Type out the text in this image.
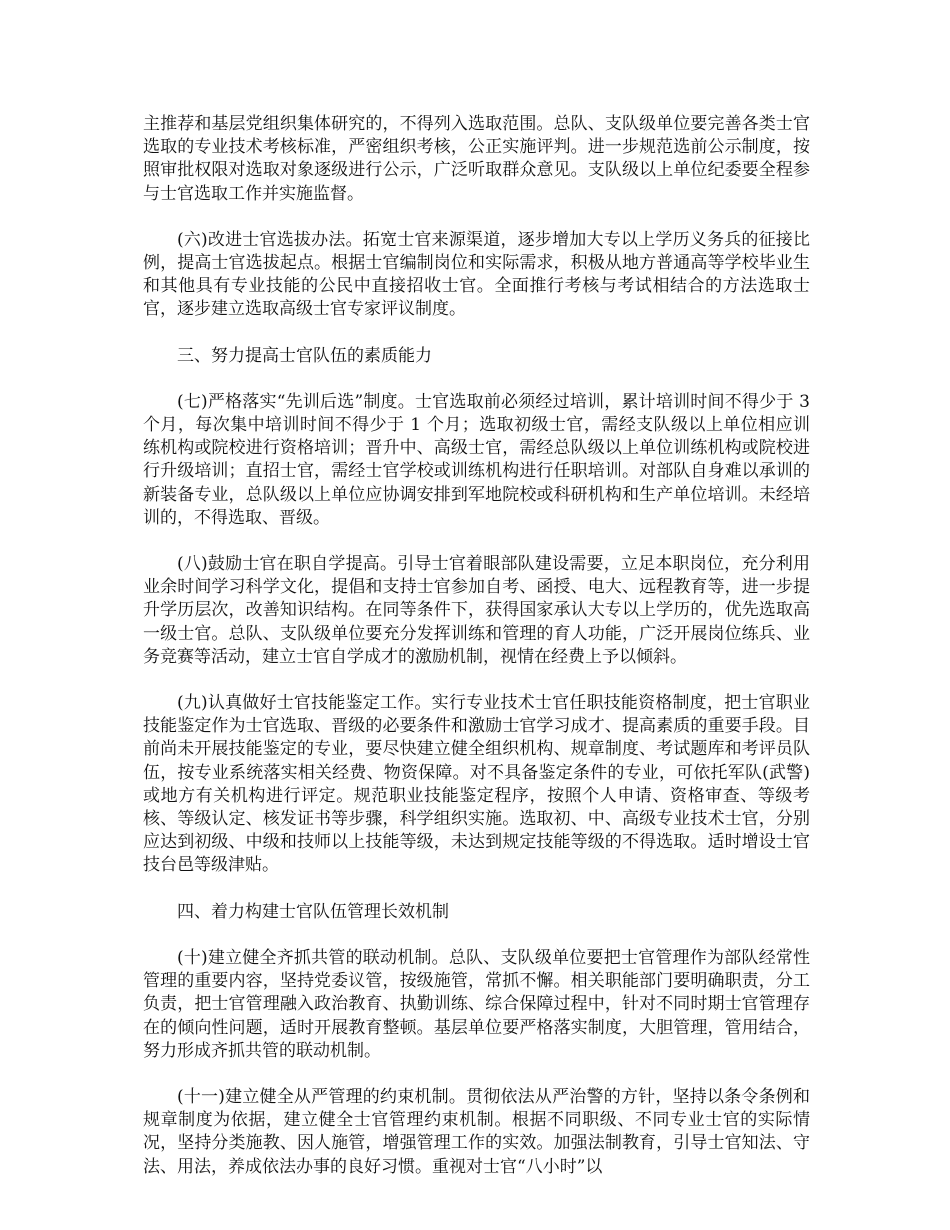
主推荐和基层党组织集体研究的，不得列入选取范围。总队、支队级单位要完善各类士官选取的专业技术考核标准，严密组织考核，公正实施评判。进一步规范选前公示制度，按照审批权限对选取对象逐级进行公示，广泛听取群众意见。支队级以上单位纪委要全程参与士官选取工作并实施监督。

(六)改进士官选拔办法。拓宽士官来源渠道，逐步增加大专以上学历义务兵的征接比例，提高士官选拔起点。根据士官编制岗位和实际需求，积极从地方普通高等学校毕业生和其他具有专业技能的公民中直接招收士官。全面推行考核与考试相结合的方法选取士官，逐步建立选取高级士官专家评议制度。

三、努力提高士官队伍的素质能力

(七)严格落实“先训后选”制度。士官选取前必须经过培训，累计培训时间不得少于 3 个月，每次集中培训时间不得少于 1 个月；选取初级士官，需经支队级以上单位相应训练机构或院校进行资格培训；晋升中、高级士官，需经总队级以上单位训练机构或院校进行升级培训；直招士官，需经士官学校或训练机构进行任职培训。对部队自身难以承训的新装备专业，总队级以上单位应协调安排到军地院校或科研机构和生产单位培训。未经培训的，不得选取、晋级。

(八)鼓励士官在职自学提高。引导士官着眼部队建设需要，立足本职岗位，充分利用业余时间学习科学文化，提倡和支持士官参加自考、函授、电大、远程教育等，进一步提升学历层次，改善知识结构。在同等条件下，获得国家承认大专以上学历的，优先选取高一级士官。总队、支队级单位要充分发挥训练和管理的育人功能，广泛开展岗位练兵、业务竞赛等活动，建立士官自学成才的激励机制，视情在经费上予以倾斜。

(九)认真做好士官技能鉴定工作。实行专业技术士官任职技能资格制度，把士官职业技能鉴定作为士官选取、晋级的必要条件和激励士官学习成才、提高素质的重要手段。目前尚未开展技能鉴定的专业，要尽快建立健全组织机构、规章制度、考试题库和考评员队伍，按专业系统落实相关经费、物资保障。对不具备鉴定条件的专业，可依托军队(武警)或地方有关机构进行评定。规范职业技能鉴定程序，按照个人申请、资格审查、等级考核、等级认定、核发证书等步骤，科学组织实施。选取初、中、高级专业技术士官，分别应达到初级、中级和技师以上技能等级，未达到规定技能等级的不得选取。适时增设士官技台邑等级津贴。

四、着力构建士官队伍管理长效机制

(十)建立健全齐抓共管的联动机制。总队、支队级单位要把士官管理作为部队经常性管理的重要内容，坚持党委议管，按级施管，常抓不懈。相关职能部门要明确职责，分工负责，把士官管理融入政治教育、执勤训练、综合保障过程中，针对不同时期士官管理存在的倾向性问题，适时开展教育整顿。基层单位要严格落实制度，大胆管理，管用结合，努力形成齐抓共管的联动机制。

(十一)建立健全从严管理的约束机制。贯彻依法从严治警的方针，坚持以条令条例和规章制度为依据，建立健全士官管理约束机制。根据不同职级、不同专业士官的实际情况，坚持分类施教、因人施管，增强管理工作的实效。加强法制教育，引导士官知法、守法、用法，养成依法办事的良好习惯。重视对士官“八小时”以
